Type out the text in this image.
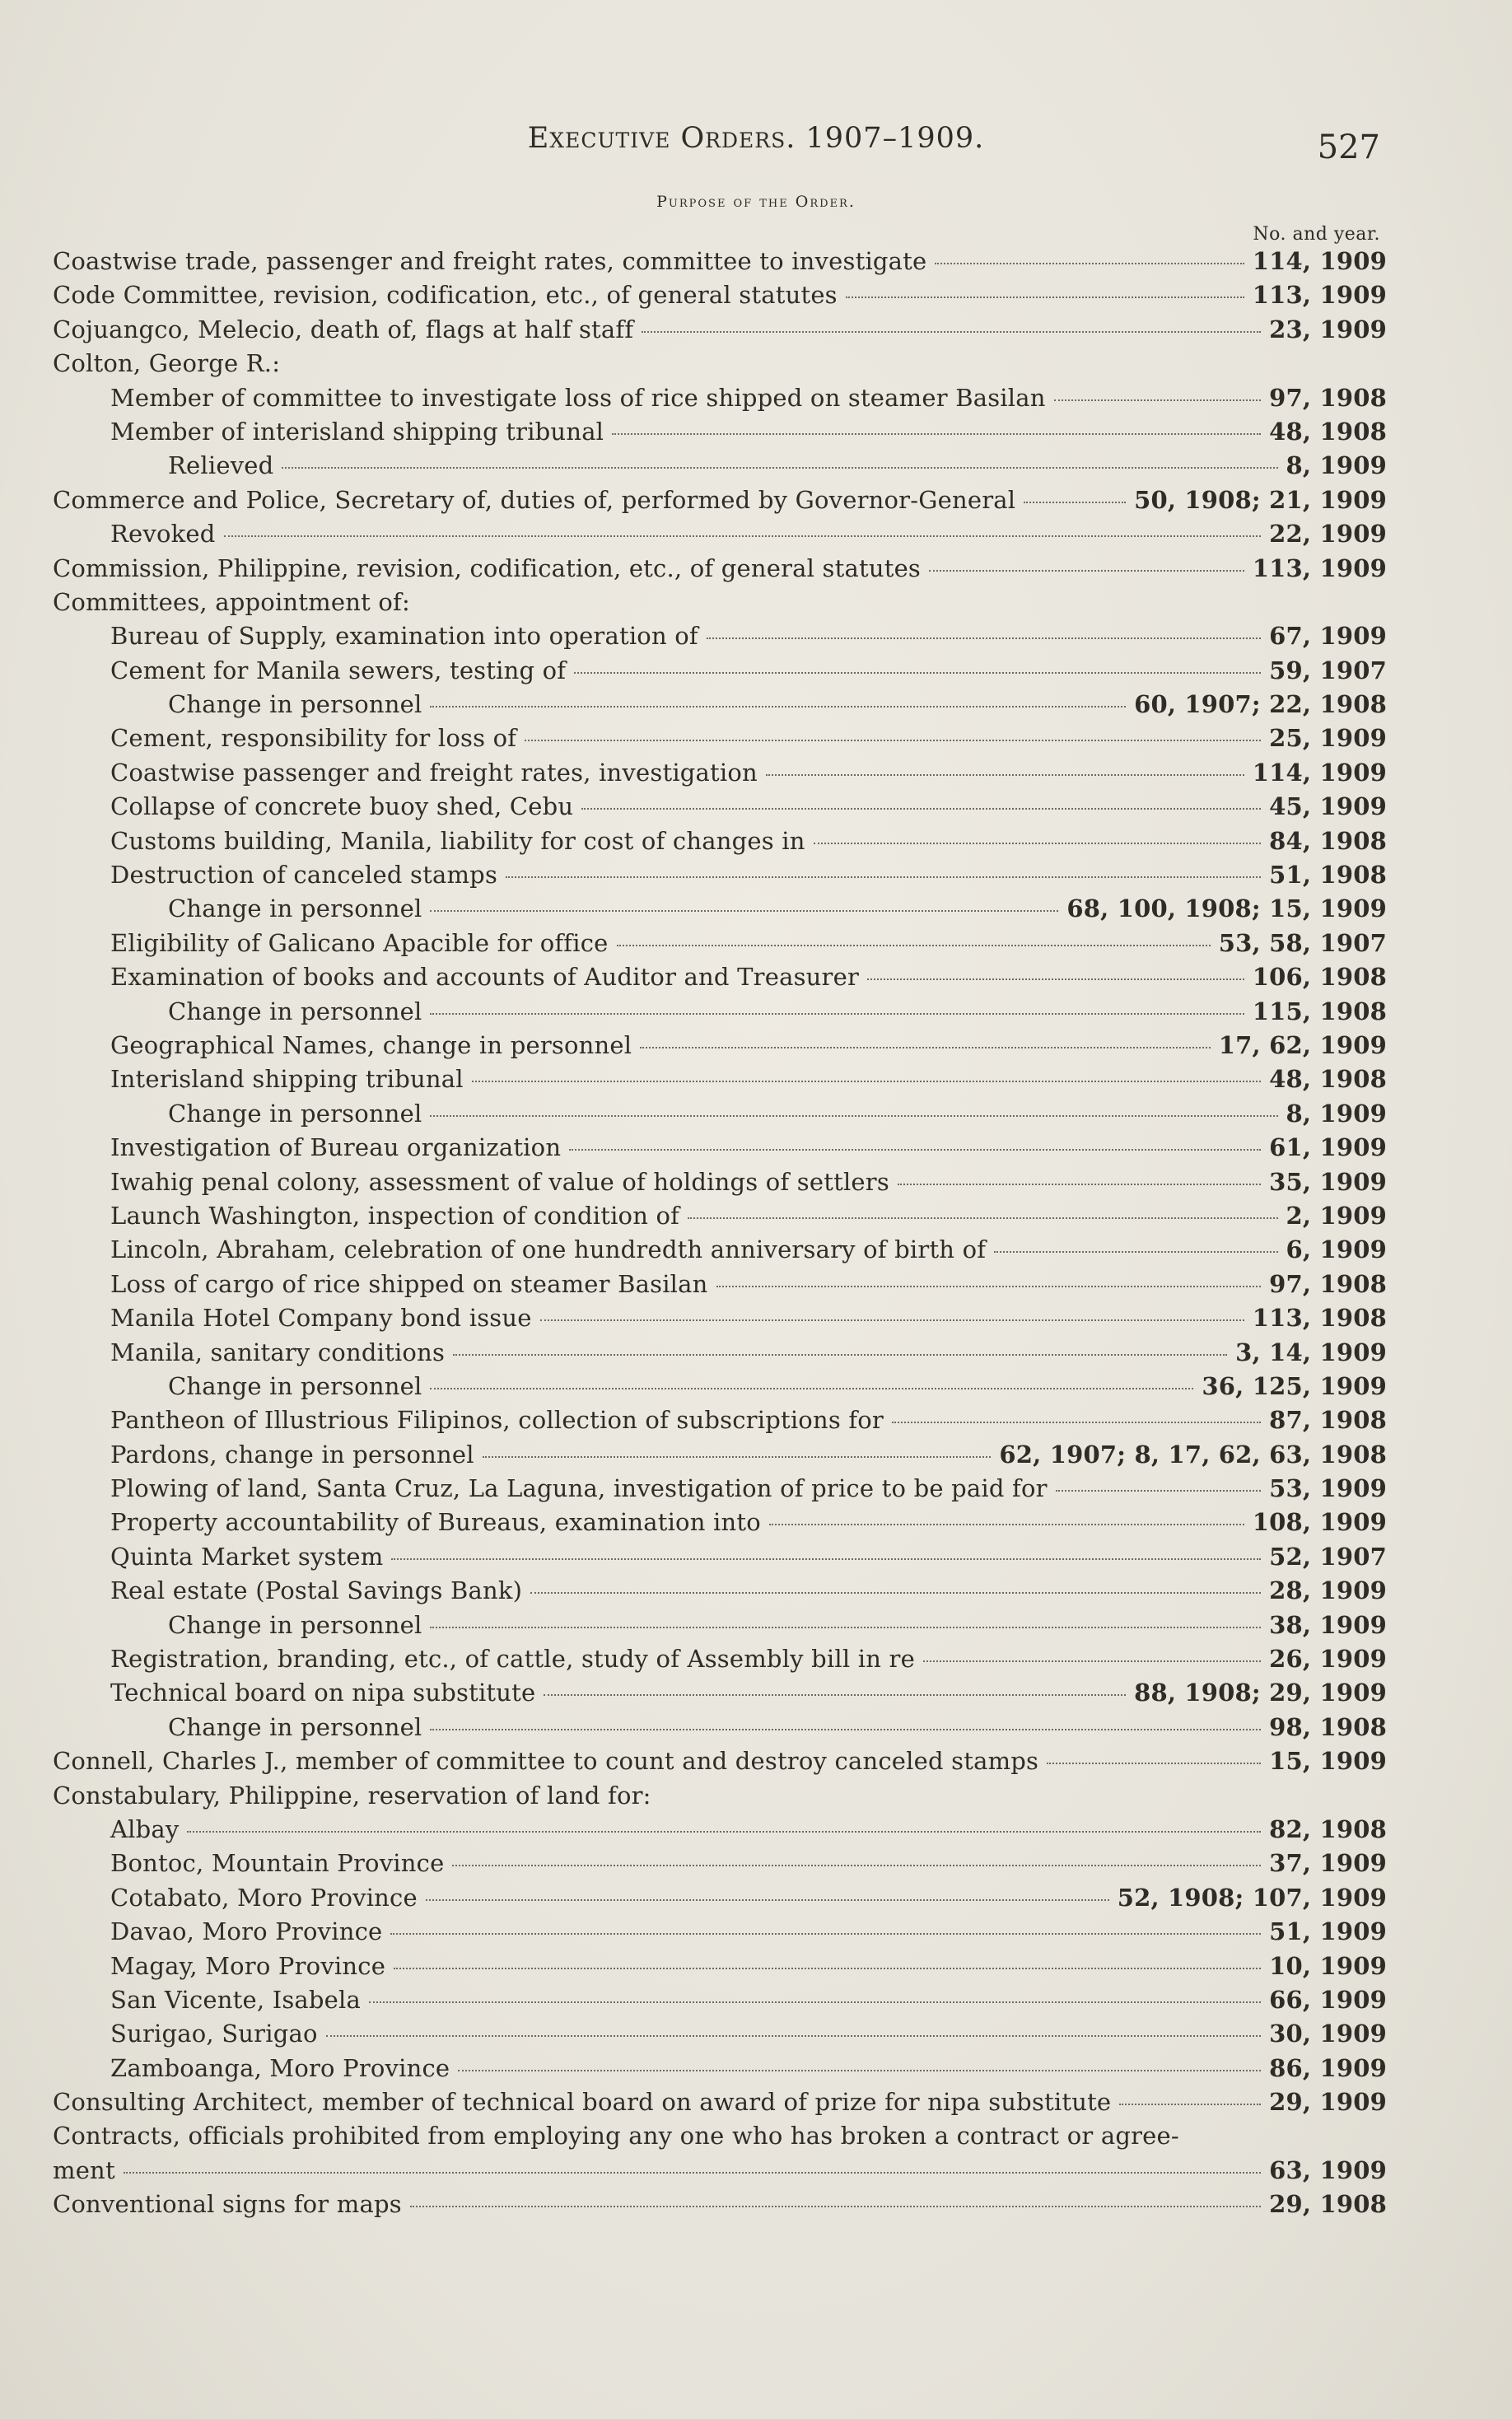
Executive Orders. 1907–1909.	527
Purpose of the Order.
No. and year.
Coastwise trade, passenger and freight rates, committee to investigate	114, 1909
Code Committee, revision, codification, etc., of general statutes	113, 1909
Cojuangco, Melecio, death of, flags at half staff	23, 1909
Colton, George R.:
Member of committee to investigate loss of rice shipped on steamer Basilan	97, 1908
Member of interisland shipping tribunal	48, 1908
Relieved	8, 1909
Commerce and Police, Secretary of, duties of, performed by Governor-General	50, 1908; 21, 1909
Revoked	22, 1909
Commission, Philippine, revision, codification, etc., of general statutes	113, 1909
Committees, appointment of:
Bureau of Supply, examination into operation of	67, 1909
Cement for Manila sewers, testing of	59, 1907
Change in personnel	60, 1907; 22, 1908
Cement, responsibility for loss of	25, 1909
Coastwise passenger and freight rates, investigation	114, 1909
Collapse of concrete buoy shed, Cebu	45, 1909
Customs building, Manila, liability for cost of changes in	84, 1908
Destruction of canceled stamps	51, 1908
Change in personnel	68, 100, 1908; 15, 1909
Eligibility of Galicano Apacible for office	53, 58, 1907
Examination of books and accounts of Auditor and Treasurer	106, 1908
Change in personnel	115, 1908
Geographical Names, change in personnel	17, 62, 1909
Interisland shipping tribunal	48, 1908
Change in personnel	8, 1909
Investigation of Bureau organization	61, 1909
Iwahig penal colony, assessment of value of holdings of settlers	35, 1909
Launch Washington, inspection of condition of	2, 1909
Lincoln, Abraham, celebration of one hundredth anniversary of birth of	6, 1909
Loss of cargo of rice shipped on steamer Basilan	97, 1908
Manila Hotel Company bond issue	113, 1908
Manila, sanitary conditions	3, 14, 1909
Change in personnel	36, 125, 1909
Pantheon of Illustrious Filipinos, collection of subscriptions for	87, 1908
Pardons, change in personnel	62, 1907; 8, 17, 62, 63, 1908
Plowing of land, Santa Cruz, La Laguna, investigation of price to be paid for	53, 1909
Property accountability of Bureaus, examination into	108, 1909
Quinta Market system	52, 1907
Real estate (Postal Savings Bank)	28, 1909
Change in personnel	38, 1909
Registration, branding, etc., of cattle, study of Assembly bill in re	26, 1909
Technical board on nipa substitute	88, 1908; 29, 1909
Change in personnel	98, 1908
Connell, Charles J., member of committee to count and destroy canceled stamps	15, 1909
Constabulary, Philippine, reservation of land for:
Albay	82, 1908
Bontoc, Mountain Province	37, 1909
Cotabato, Moro Province	52, 1908; 107, 1909
Davao, Moro Province	51, 1909
Magay, Moro Province	10, 1909
San Vicente, Isabela	66, 1909
Surigao, Surigao	30, 1909
Zamboanga, Moro Province	86, 1909
Consulting Architect, member of technical board on award of prize for nipa substitute	29, 1909
Contracts, officials prohibited from employing any one who has broken a contract or agree-
ment	63, 1909
Conventional signs for maps	29, 1908
